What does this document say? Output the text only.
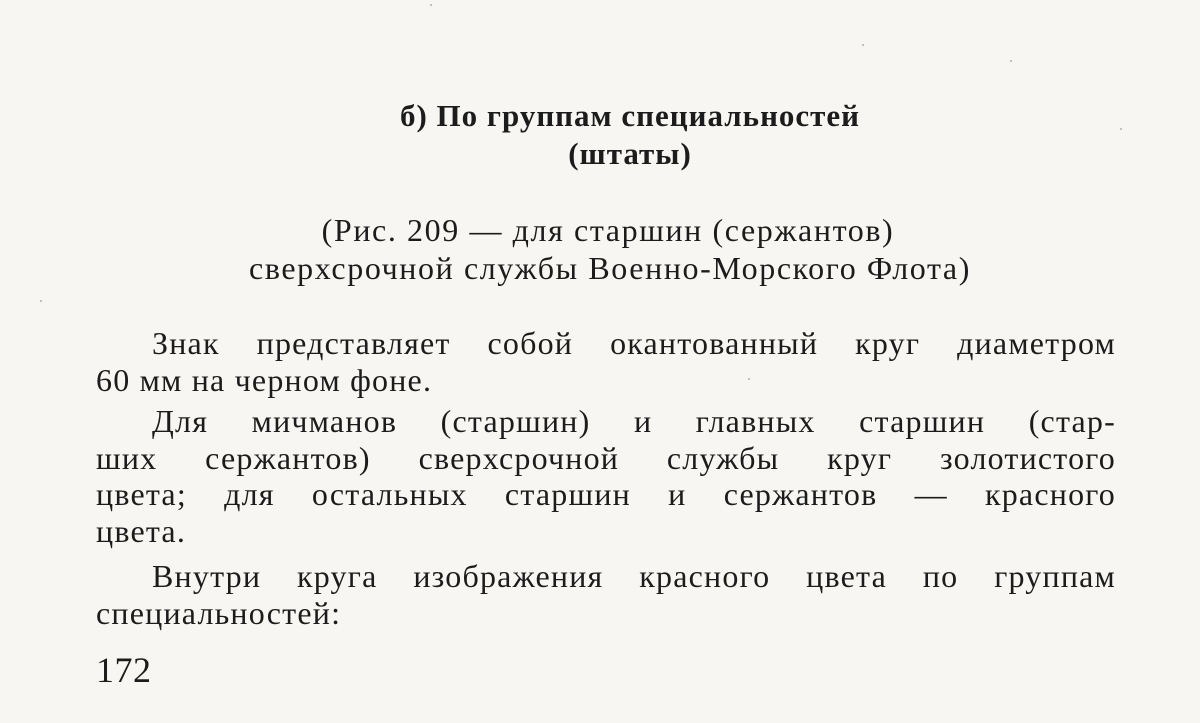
б) По группам специальностей
(штаты)
(Рис. 209 — для старшин (сержантов)
сверхсрочной службы Военно-Морского Флота)

Знак представляет собой окантованный круг диаметром
60 мм на черном фоне.

Для мичманов (старшин) и главных старшин (стар-
ших сержантов) сверхсрочной службы круг золотистого
цвета; для остальных старшин и сержантов — красного
цвета.

Внутри круга изображения красного цвета по группам
специальностей:

172
